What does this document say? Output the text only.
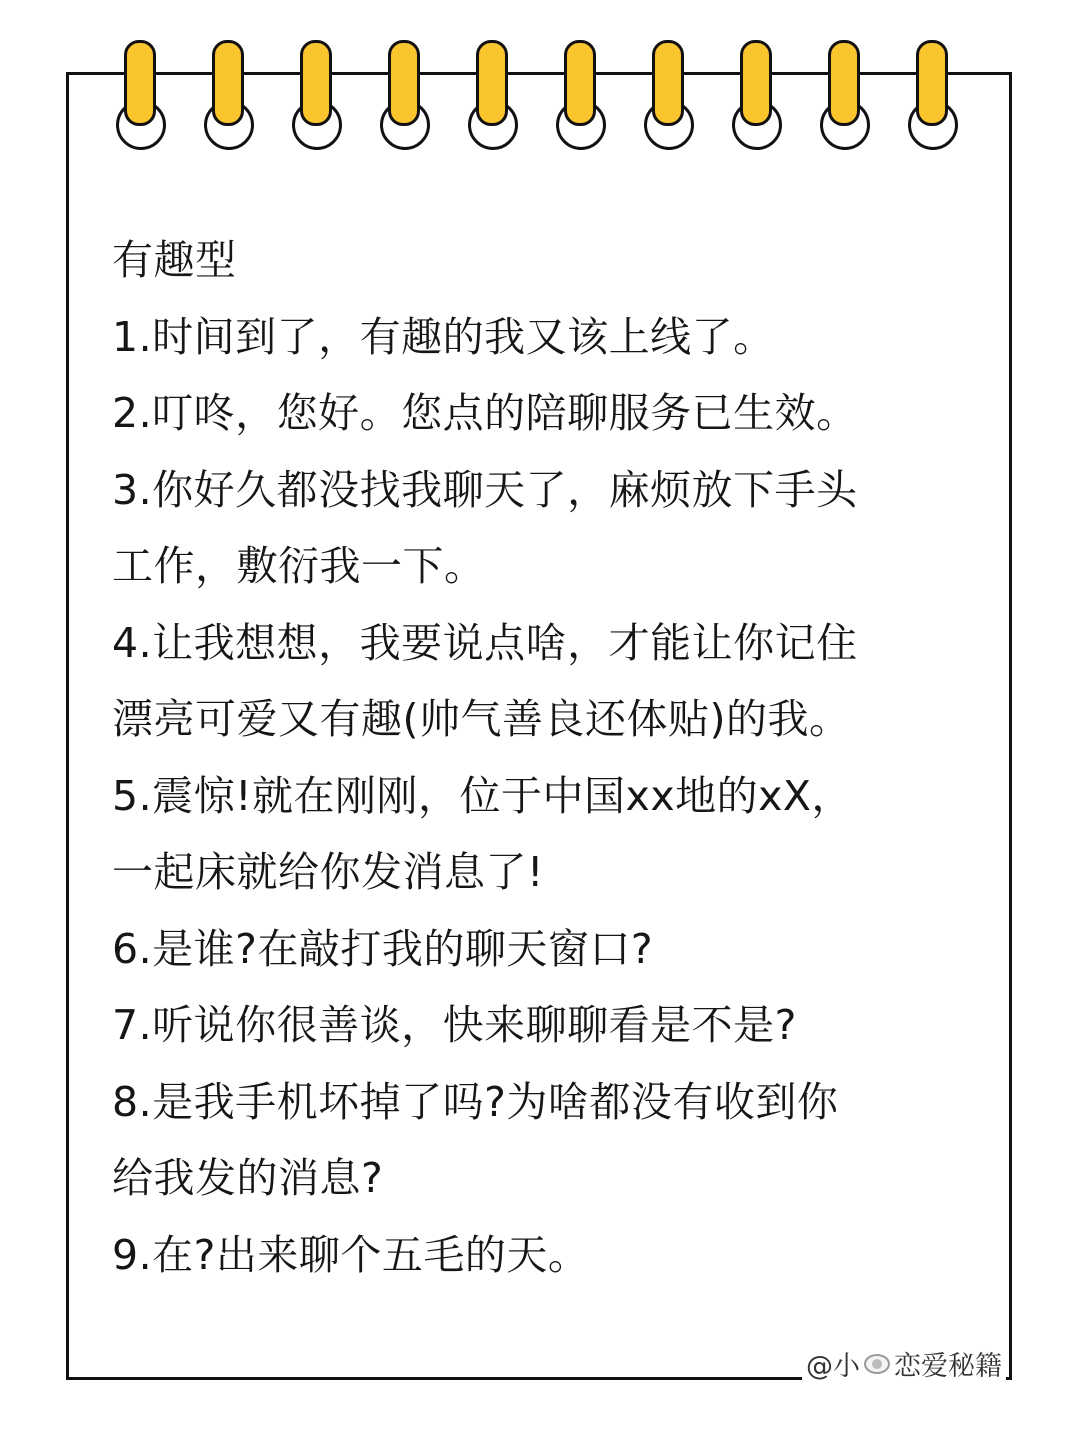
有趣型
1.时间到了，有趣的我又该上线了。
2.叮咚，您好。您点的陪聊服务已生效。
3.你好久都没找我聊天了，麻烦放下手头
工作，敷衍我一下。
4.让我想想，我要说点啥，才能让你记住
漂亮可爱又有趣(帅气善良还体贴)的我。
5.震惊!就在刚刚，位于中国xx地的xX，
一起床就给你发消息了!
6.是谁?在敲打我的聊天窗口?
7.听说你很善谈，快来聊聊看是不是?
8.是我手机坏掉了吗?为啥都没有收到你
给我发的消息?
9.在?出来聊个五毛的天。
@小 恋爱秘籍
